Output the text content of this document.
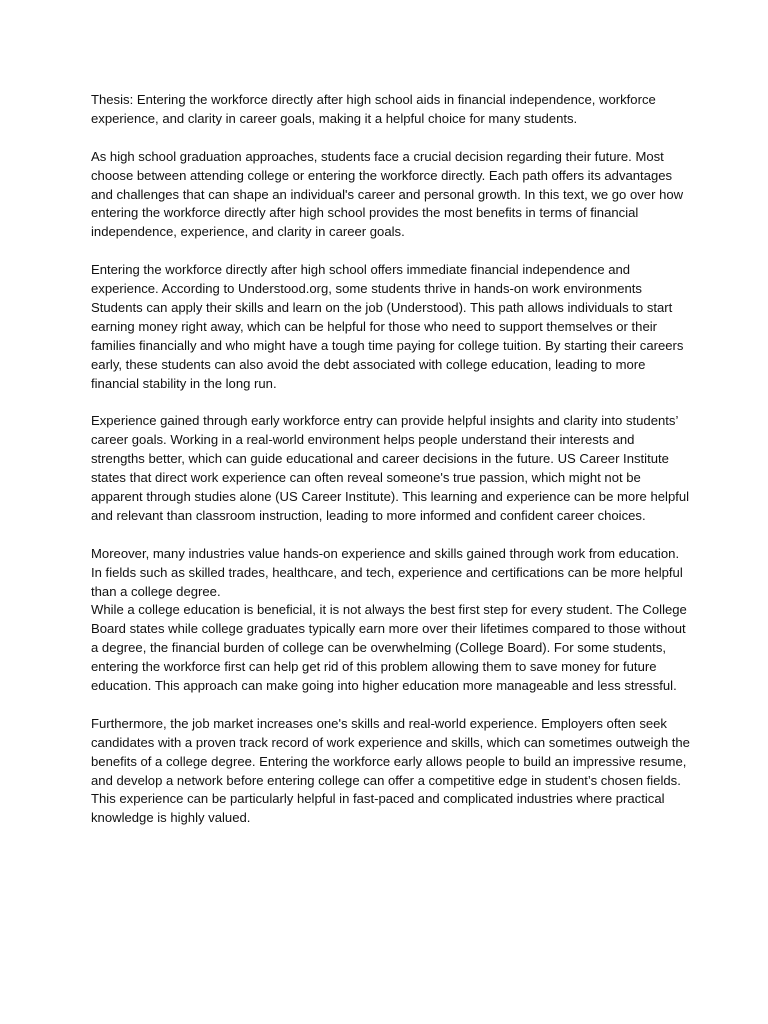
Thesis: Entering the workforce directly after high school aids in financial independence, workforce experience, and clarity in career goals, making it a helpful choice for many students.

As high school graduation approaches, students face a crucial decision regarding their future. Most choose between attending college or entering the workforce directly. Each path offers its advantages and challenges that can shape an individual's career and personal growth. In this text, we go over how entering the workforce directly after high school provides the most benefits in terms of financial independence, experience, and clarity in career goals.

Entering the workforce directly after high school offers immediate financial independence and experience. According to Understood.org, some students thrive in hands-on work environments Students can apply their skills and learn on the job (Understood). This path allows individuals to start earning money right away, which can be helpful for those who need to support themselves or their families financially and who might have a tough time paying for college tuition. By starting their careers early, these students can also avoid the debt associated with college education, leading to more financial stability in the long run.

Experience gained through early workforce entry can provide helpful insights and clarity into students’ career goals. Working in a real-world environment helps people understand their interests and strengths better, which can guide educational and career decisions in the future. US Career Institute states that direct work experience can often reveal someone's true passion, which might not be apparent through studies alone (US Career Institute). This learning and experience can be more helpful and relevant than classroom instruction, leading to more informed and confident career choices.

Moreover, many industries value hands-on experience and skills gained through work from education. In fields such as skilled trades, healthcare, and tech, experience and certifications can be more helpful than a college degree.

While a college education is beneficial, it is not always the best first step for every student. The College Board states while college graduates typically earn more over their lifetimes compared to those without a degree, the financial burden of college can be overwhelming (College Board). For some students, entering the workforce first can help get rid of this problem allowing them to save money for future education. This approach can make going into higher education more manageable and less stressful.

Furthermore, the job market increases one's skills and real-world experience. Employers often seek candidates with a proven track record of work experience and skills, which can sometimes outweigh the benefits of a college degree. Entering the workforce early allows people to build an impressive resume, and develop a network before entering college can offer a competitive edge in student’s chosen fields. This experience can be particularly helpful in fast-paced and complicated industries where practical knowledge is highly valued.
